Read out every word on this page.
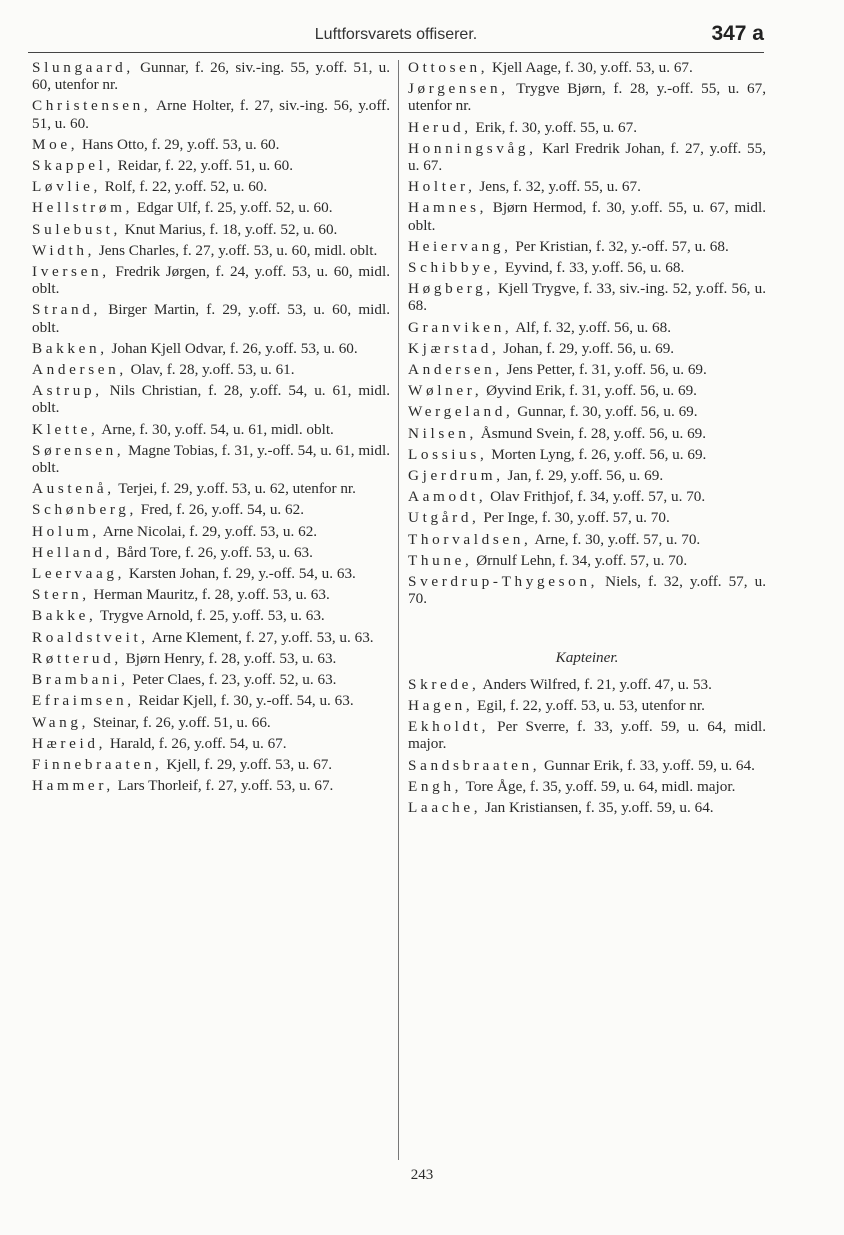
Luftforsvarets offiserer.	347 a
Slungaard, Gunnar, f. 26, siv.-ing. 55, y.off. 51, u. 60, utenfor nr.
Christensen, Arne Holter, f. 27, siv.-ing. 56, y.off. 51, u. 60.
Moe, Hans Otto, f. 29, y.off. 53, u. 60.
Skappel, Reidar, f. 22, y.off. 51, u. 60.
Løvlie, Rolf, f. 22, y.off. 52, u. 60.
Hellstrøm, Edgar Ulf, f. 25, y.off. 52, u. 60.
Sulebust, Knut Marius, f. 18, y.off. 52, u. 60.
Width, Jens Charles, f. 27, y.off. 53, u. 60, midl. oblt.
Iversen, Fredrik Jørgen, f. 24, y.off. 53, u. 60, midl. oblt.
Strand, Birger Martin, f. 29, y.off. 53, u. 60, midl. oblt.
Bakken, Johan Kjell Odvar, f. 26, y.off. 53, u. 60.
Andersen, Olav, f. 28, y.off. 53, u. 61.
Astrup, Nils Christian, f. 28, y.off. 54, u. 61, midl. oblt.
Klette, Arne, f. 30, y.off. 54, u. 61, midl. oblt.
Sørensen, Magne Tobias, f. 31, y.-off. 54, u. 61, midl. oblt.
Austenå, Terjei, f. 29, y.off. 53, u. 62, utenfor nr.
Schønberg, Fred, f. 26, y.off. 54, u. 62.
Holum, Arne Nicolai, f. 29, y.off. 53, u. 62.
Helland, Bård Tore, f. 26, y.off. 53, u. 63.
Leervaag, Karsten Johan, f. 29, y.-off. 54, u. 63.
Stern, Herman Mauritz, f. 28, y.off. 53, u. 63.
Bakke, Trygve Arnold, f. 25, y.off. 53, u. 63.
Roaldstveit, Arne Klement, f. 27, y.off. 53, u. 63.
Røtterud, Bjørn Henry, f. 28, y.off. 53, u. 63.
Brambani, Peter Claes, f. 23, y.off. 52, u. 63.
Efraimsen, Reidar Kjell, f. 30, y.-off. 54, u. 63.
Wang, Steinar, f. 26, y.off. 51, u. 66.
Hæreid, Harald, f. 26, y.off. 54, u. 67.
Finnebraaten, Kjell, f. 29, y.off. 53, u. 67.
Hammer, Lars Thorleif, f. 27, y.off. 53, u. 67.
Ottosen, Kjell Aage, f. 30, y.off. 53, u. 67.
Jørgensen, Trygve Bjørn, f. 28, y.-off. 55, u. 67, utenfor nr.
Herud, Erik, f. 30, y.off. 55, u. 67.
Honningsvåg, Karl Fredrik Johan, f. 27, y.off. 55, u. 67.
Holter, Jens, f. 32, y.off. 55, u. 67.
Hamnes, Bjørn Hermod, f. 30, y.off. 55, u. 67, midl. oblt.
Heiervang, Per Kristian, f. 32, y.-off. 57, u. 68.
Schibbye, Eyvind, f. 33, y.off. 56, u. 68.
Høgberg, Kjell Trygve, f. 33, siv.-ing. 52, y.off. 56, u. 68.
Granviken, Alf, f. 32, y.off. 56, u. 68.
Kjærstad, Johan, f. 29, y.off. 56, u. 69.
Andersen, Jens Petter, f. 31, y.off. 56, u. 69.
Wølner, Øyvind Erik, f. 31, y.off. 56, u. 69.
Wergeland, Gunnar, f. 30, y.off. 56, u. 69.
Nilsen, Åsmund Svein, f. 28, y.off. 56, u. 69.
Lossius, Morten Lyng, f. 26, y.off. 56, u. 69.
Gjerdrum, Jan, f. 29, y.off. 56, u. 69.
Aamodt, Olav Frithjof, f. 34, y.off. 57, u. 70.
Utgård, Per Inge, f. 30, y.off. 57, u. 70.
Thorvaldsen, Arne, f. 30, y.off. 57, u. 70.
Thune, Ørnulf Lehn, f. 34, y.off. 57, u. 70.
Sverdrup-Thygeson, Niels, f. 32, y.off. 57, u. 70.
Kapteiner.
Skrede, Anders Wilfred, f. 21, y.off. 47, u. 53.
Hagen, Egil, f. 22, y.off. 53, u. 53, utenfor nr.
Ekholdt, Per Sverre, f. 33, y.off. 59, u. 64, midl. major.
Sandsbraaten, Gunnar Erik, f. 33, y.off. 59, u. 64.
Engh, Tore Åge, f. 35, y.off. 59, u. 64, midl. major.
Laache, Jan Kristiansen, f. 35, y.off. 59, u. 64.
243
